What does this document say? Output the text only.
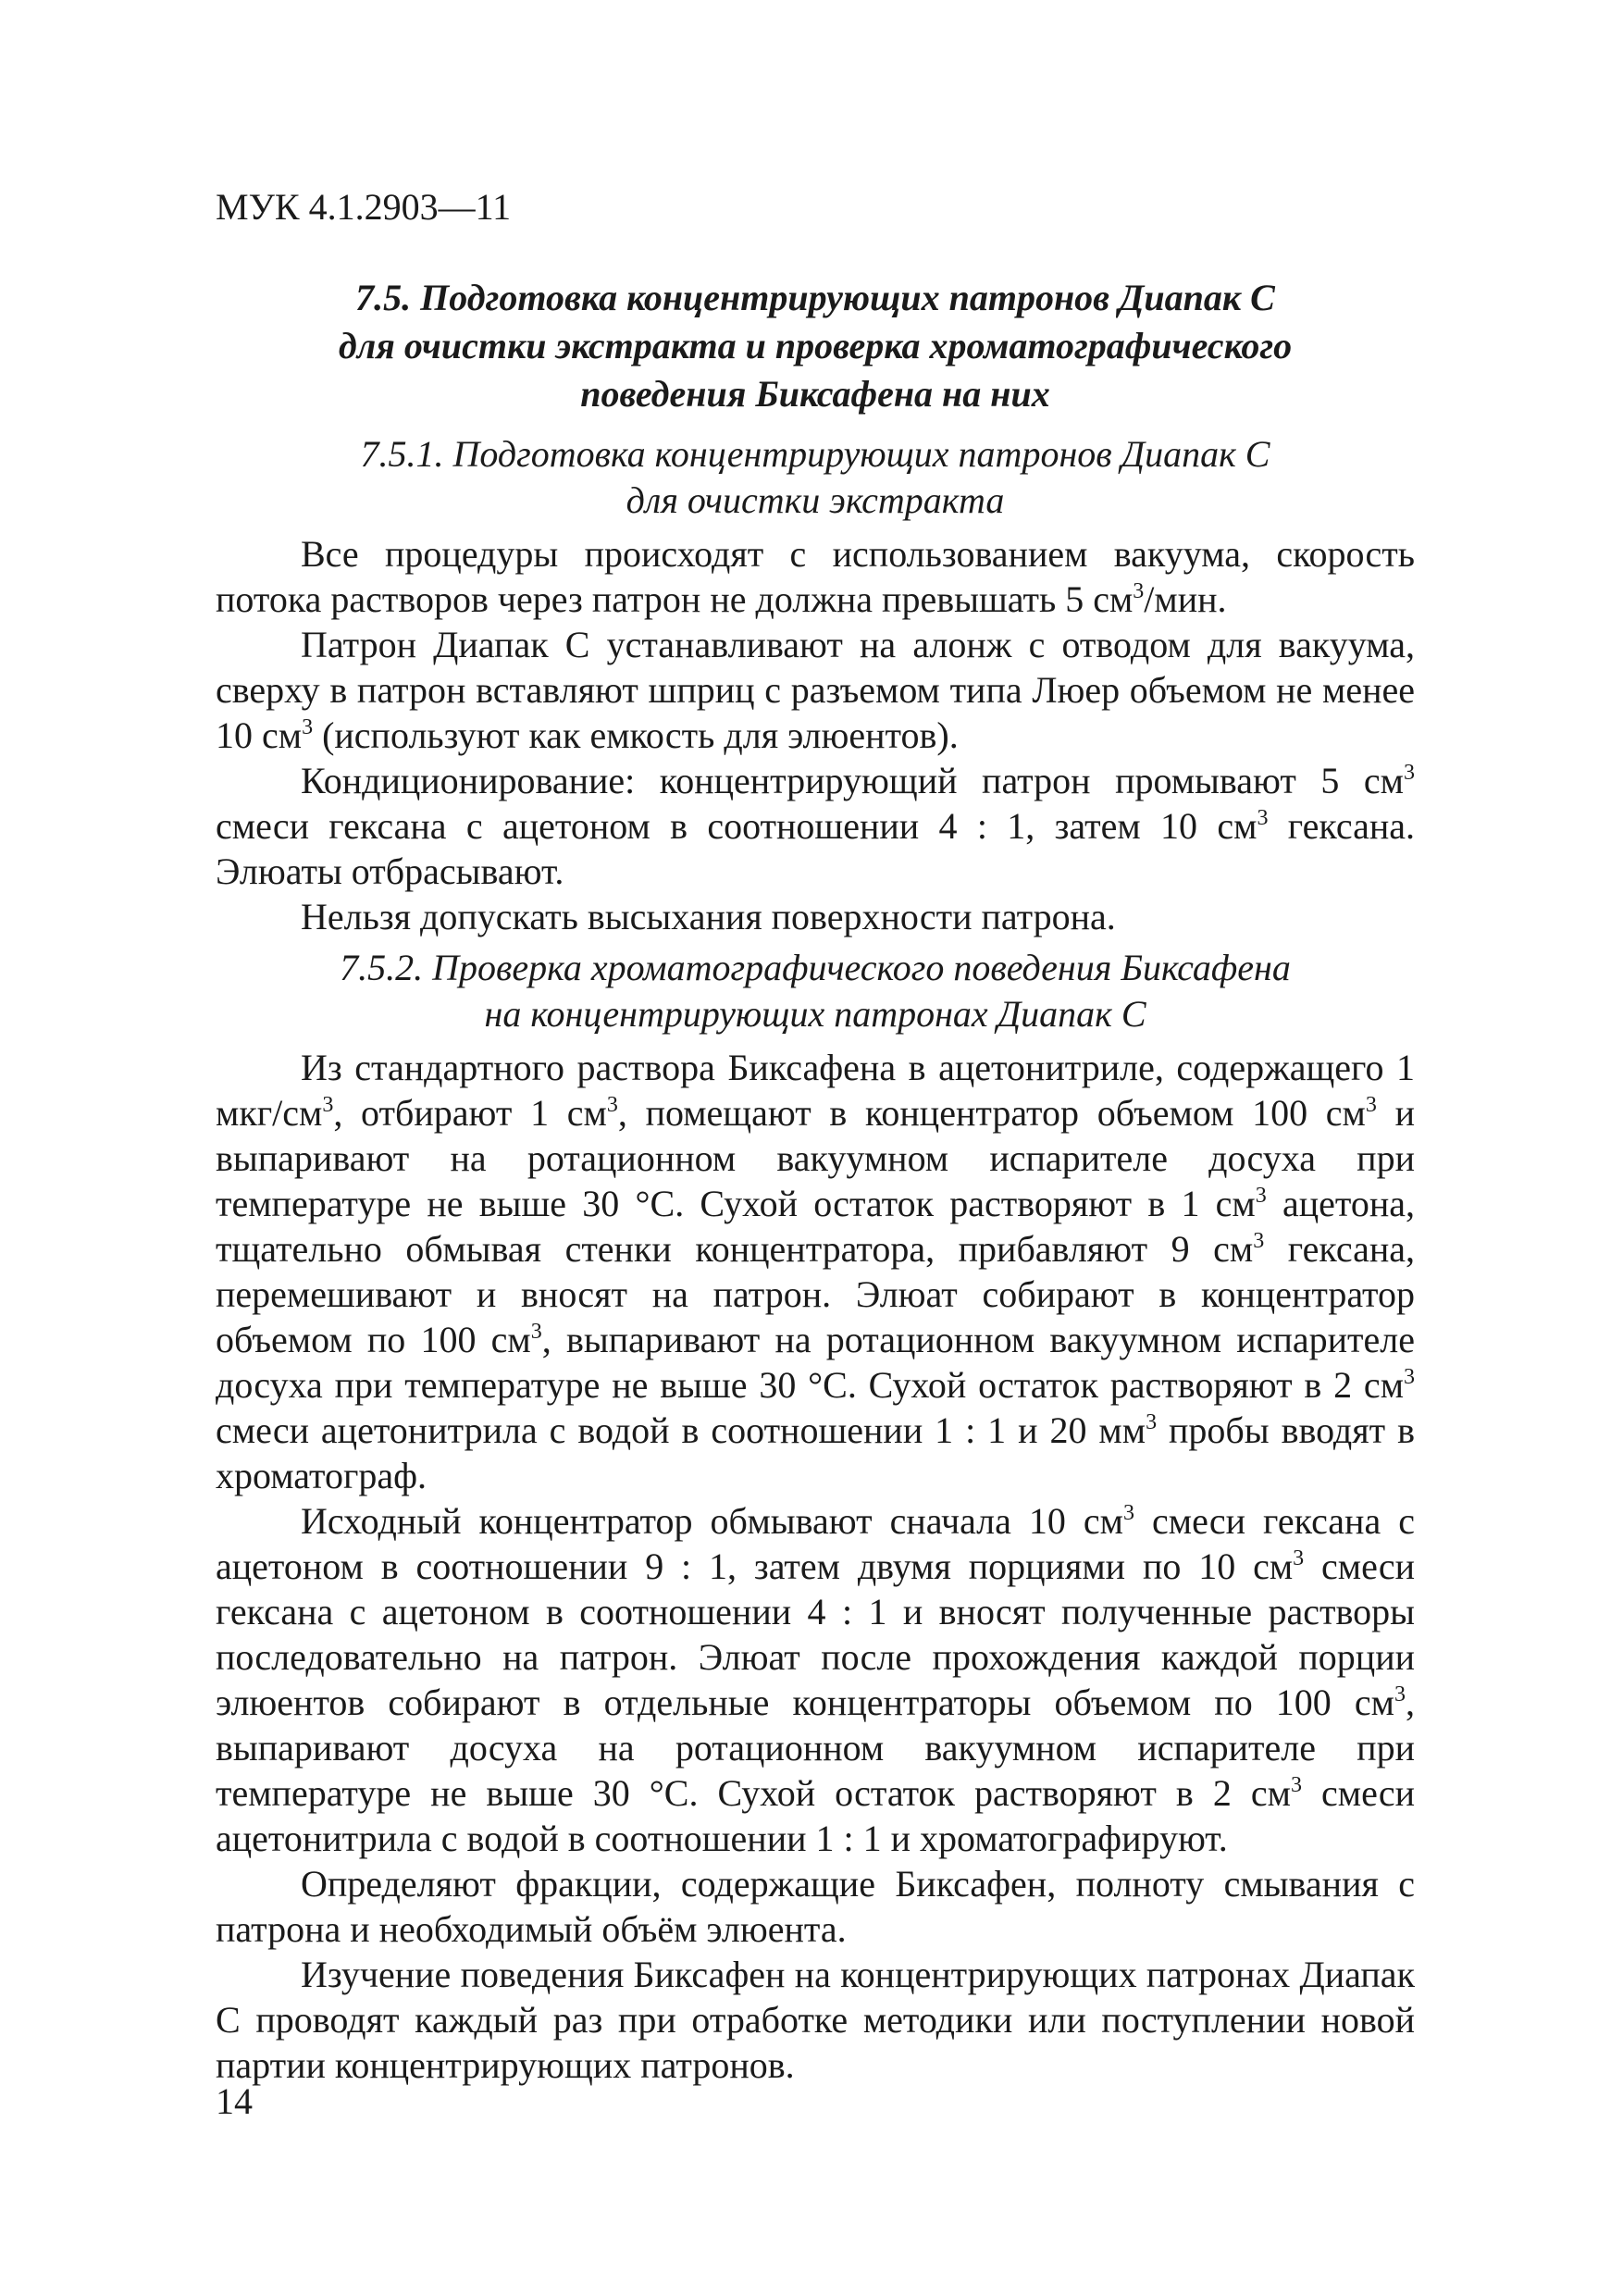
МУК 4.1.2903—11
7.5. Подготовка концентрирующих патронов Диапак С
для очистки экстракта и проверка хроматографического
поведения Биксафена на них
7.5.1. Подготовка концентрирующих патронов Диапак С
для очистки экстракта

Все процедуры происходят с использованием вакуума, скорость потока растворов через патрон не должна превышать 5 $см^3$/мин.

Патрон Диапак С устанавливают на алонж с отводом для вакуума, сверху в патрон вставляют шприц с разъемом типа Люер объемом не менее 10 $см^3$ (используют как емкость для элюентов).

Кондиционирование: концентрирующий патрон промывают 5 $см^3$ смеси гексана с ацетоном в соотношении 4 : 1, затем 10 $см^3$ гексана. Элюаты отбрасывают.

Нельзя допускать высыхания поверхности патрона.

7.5.2. Проверка хроматографического поведения Биксафена
на концентрирующих патронах Диапак С

Из стандартного раствора Биксафена в ацетонитриле, содержащего 1 мкг/$см^3$, отбирают 1 $см^3$, помещают в концентратор объемом 100 $см^3$ и выпаривают на ротационном вакуумном испарителе досуха при температуре не выше 30 °С. Сухой остаток растворяют в 1 $см^3$ ацетона, тщательно обмывая стенки концентратора, прибавляют 9 $см^3$ гексана, перемешивают и вносят на патрон. Элюат собирают в концентратор объемом по 100 $см^3$, выпаривают на ротационном вакуумном испарителе досуха при температуре не выше 30 °С. Сухой остаток растворяют в 2 $см^3$ смеси ацетонитрила с водой в соотношении 1 : 1 и 20 $мм^3$ пробы вводят в хроматограф.

Исходный концентратор обмывают сначала 10 $см^3$ смеси гексана с ацетоном в соотношении 9 : 1, затем двумя порциями по 10 $см^3$ смеси гексана с ацетоном в соотношении 4 : 1 и вносят полученные растворы последовательно на патрон. Элюат после прохождения каждой порции элюентов собирают в отдельные концентраторы объемом по 100 $см^3$, выпаривают досуха на ротационном вакуумном испарителе при температуре не выше 30 °С. Сухой остаток растворяют в 2 $см^3$ смеси ацетонитрила с водой в соотношении 1 : 1 и хроматографируют.

Определяют фракции, содержащие Биксафен, полноту смывания с патрона и необходимый объём элюента.

Изучение поведения Биксафен на концентрирующих патронах Диапак С проводят каждый раз при отработке методики или поступлении новой партии концентрирующих патронов.

14
